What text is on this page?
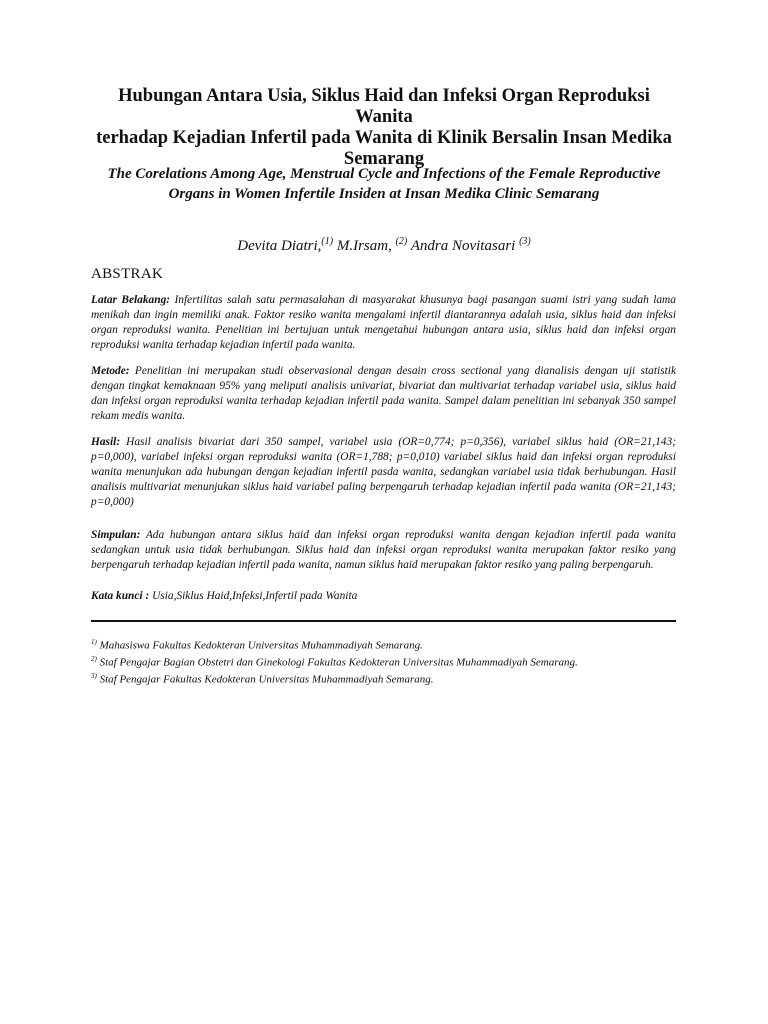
Hubungan Antara Usia, Siklus Haid dan Infeksi Organ Reproduksi Wanita
terhadap Kejadian Infertil pada Wanita di Klinik Bersalin Insan Medika
Semarang
The Corelations Among Age, Menstrual Cycle and Infections of the Female Reproductive
Organs in Women Infertile Insiden at Insan Medika Clinic Semarang
Devita Diatri,$^{(1)}$ M.Irsam, $^{(2)}$ Andra Novitasari $^{(3)}$
ABSTRAK

Latar Belakang: Infertilitas salah satu permasalahan di masyarakat khusunya bagi pasangan suami istri yang sudah lama menikah dan ingin memiliki anak. Faktor resiko wanita mengalami infertil diantarannya adalah usia, siklus haid dan infeksi organ reproduksi wanita. Penelitian ini bertujuan untuk mengetahui hubungan antara usia, siklus haid dan infeksi organ reproduksi wanita terhadap kejadian infertil pada wanita.

Metode: Penelitian ini merupakan studi observasional dengan desain cross sectional yang dianalisis dengan uji statistik dengan tingkat kemaknaan 95% yang meliputi analisis univariat, bivariat dan multivariat terhadap variabel usia, siklus haid dan infeksi organ reproduksi wanita terhadap kejadian infertil pada wanita. Sampel dalam penelitian ini sebanyak 350 sampel rekam medis wanita.

Hasil: Hasil analisis bivariat dari 350 sampel, variabel usia (OR=0,774; p=0,356), variabel siklus haid (OR=21,143; p=0,000), variabel infeksi organ reproduksi wanita (OR=1,788; p=0,010) variabel siklus haid dan infeksi organ reproduksi wanita menunjukan ada hubungan dengan kejadian infertil pasda wanita, sedangkan variabel usia tidak berhubungan. Hasil analisis multivariat menunjukan siklus haid variabel paling berpengaruh terhadap kejadian infertil pada wanita (OR=21,143; p=0,000)

Simpulan: Ada hubungan antara siklus haid dan infeksi organ reproduksi wanita dengan kejadian infertil pada wanita sedangkan untuk usia tidak berhubungan. Siklus haid dan infeksi organ reproduksi wanita merupakan faktor resiko yang berpengaruh terhadap kejadian infertil pada wanita, namun siklus haid merupakan faktor resiko yang paling berpengaruh.

Kata kunci : Usia,Siklus Haid,Infeksi,Infertil pada Wanita

$^{1)}$ Mahasiswa Fakultas Kedokteran Universitas Muhammadiyah Semarang.
$^{2)}$ Staf Pengajar Bagian Obstetri dan Ginekologi Fakultas Kedokteran Universitas Muhammadiyah Semarang.
$^{3)}$ Staf Pengajar Fakultas Kedokteran Universitas Muhammadiyah Semarang.
